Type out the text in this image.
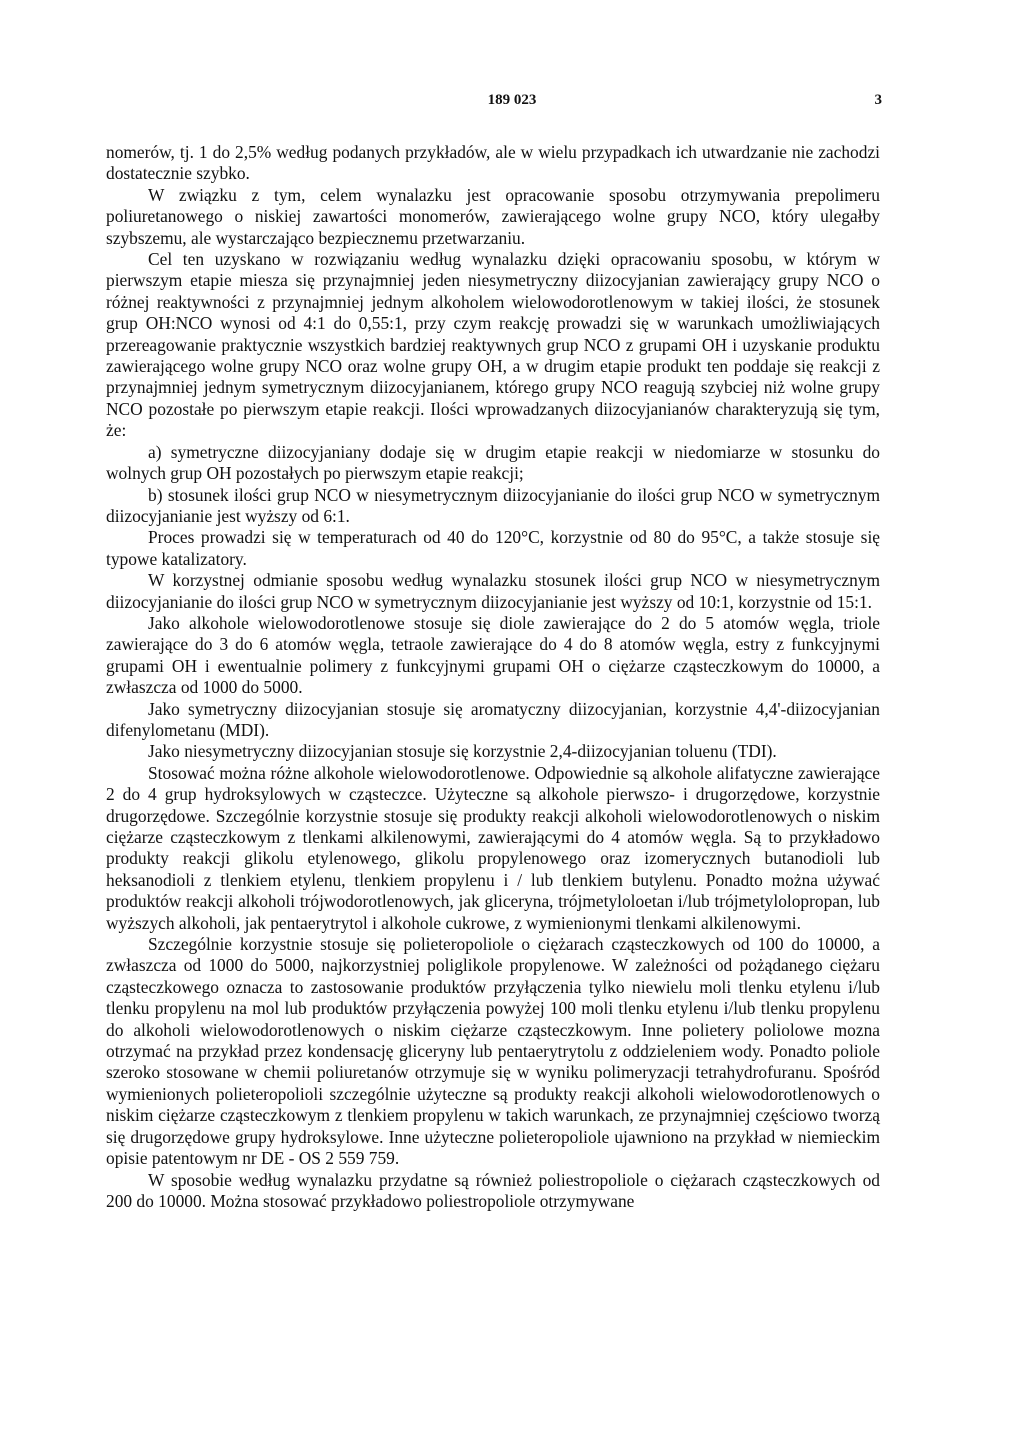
189 023	3

nomerów, tj. 1 do 2,5% według podanych przykładów, ale w wielu przypadkach ich utwardzanie nie zachodzi dostatecznie szybko.

W związku z tym, celem wynalazku jest opracowanie sposobu otrzymywania prepolimeru poliuretanowego o niskiej zawartości monomerów, zawierającego wolne grupy NCO, który ulegałby szybszemu, ale wystarczająco bezpiecznemu przetwarzaniu.

Cel ten uzyskano w rozwiązaniu według wynalazku dzięki opracowaniu sposobu, w którym w pierwszym etapie miesza się przynajmniej jeden niesymetryczny diizocyjanian zawierający grupy NCO o różnej reaktywności z przynajmniej jednym alkoholem wielowodorotlenowym w takiej ilości, że stosunek grup OH:NCO wynosi od 4:1 do 0,55:1, przy czym reakcję prowadzi się w warunkach umożliwiających przereagowanie praktycznie wszystkich bardziej reaktywnych grup NCO z grupami OH i uzyskanie produktu zawierającego wolne grupy NCO oraz wolne grupy OH, a w drugim etapie produkt ten poddaje się reakcji z przynajmniej jednym symetrycznym diizocyjanianem, którego grupy NCO reagują szybciej niż wolne grupy NCO pozostałe po pierwszym etapie reakcji. Ilości wprowadzanych diizocyjanianów charakteryzują się tym, że:

a) symetryczne diizocyjaniany dodaje się w drugim etapie reakcji w niedomiarze w stosunku do wolnych grup OH pozostałych po pierwszym etapie reakcji;

b) stosunek ilości grup NCO w niesymetrycznym diizocyjanianie do ilości grup NCO w symetrycznym diizocyjanianie jest wyższy od 6:1.

Proces prowadzi się w temperaturach od 40 do 120°C, korzystnie od 80 do 95°C, a także stosuje się typowe katalizatory.

W korzystnej odmianie sposobu według wynalazku stosunek ilości grup NCO w niesymetrycznym diizocyjanianie do ilości grup NCO w symetrycznym diizocyjanianie jest wyższy od 10:1, korzystnie od 15:1.

Jako alkohole wielowodorotlenowe stosuje się diole zawierające do 2 do 5 atomów węgla, triole zawierające do 3 do 6 atomów węgla, tetraole zawierające do 4 do 8 atomów węgla, estry z funkcyjnymi grupami OH i ewentualnie polimery z funkcyjnymi grupami OH o ciężarze cząsteczkowym do 10000, a zwłaszcza od 1000 do 5000.

Jako symetryczny diizocyjanian stosuje się aromatyczny diizocyjanian, korzystnie 4,4'-diizocyjanian difenylometanu (MDI).

Jako niesymetryczny diizocyjanian stosuje się korzystnie 2,4-diizocyjanian toluenu (TDI).

Stosować można różne alkohole wielowodorotlenowe. Odpowiednie są alkohole alifatyczne zawierające 2 do 4 grup hydroksylowych w cząsteczce. Użyteczne są alkohole pierwszo- i drugorzędowe, korzystnie drugorzędowe. Szczególnie korzystnie stosuje się produkty reakcji alkoholi wielowodorotlenowych o niskim ciężarze cząsteczkowym z tlenkami alkilenowymi, zawierającymi do 4 atomów węgla. Są to przykładowo produkty reakcji glikolu etylenowego, glikolu propylenowego oraz izomerycznych butanodioli lub heksanodioli z tlenkiem etylenu, tlenkiem propylenu i / lub tlenkiem butylenu. Ponadto można używać produktów reakcji alkoholi trójwodorotlenowych, jak gliceryna, trójmetyloloetan i/lub trójmetylolopropan, lub wyższych alkoholi, jak pentaerytrytol i alkohole cukrowe, z wymienionymi tlenkami alkilenowymi.

Szczególnie korzystnie stosuje się polieteropoliole o ciężarach cząsteczkowych od 100 do 10000, a zwłaszcza od 1000 do 5000, najkorzystniej poliglikole propylenowe. W zależności od pożądanego ciężaru cząsteczkowego oznacza to zastosowanie produktów przyłączenia tylko niewielu moli tlenku etylenu i/lub tlenku propylenu na mol lub produktów przyłączenia powyżej 100 moli tlenku etylenu i/lub tlenku propylenu do alkoholi wielowodorotlenowych o niskim ciężarze cząsteczkowym. Inne polietery poliolowe mozna otrzymać na przykład przez kondensację gliceryny lub pentaerytrytolu z oddzieleniem wody. Ponadto poliole szeroko stosowane w chemii poliuretanów otrzymuje się w wyniku polimeryzacji tetrahydrofuranu. Spośród wymienionych polieteropolioli szczególnie użyteczne są produkty reakcji alkoholi wielowodorotlenowych o niskim ciężarze cząsteczkowym z tlenkiem propylenu w takich warunkach, ze przynajmniej częściowo tworzą się drugorzędowe grupy hydroksylowe. Inne użyteczne polieteropoliole ujawniono na przykład w niemieckim opisie patentowym nr DE - OS 2 559 759.

W sposobie według wynalazku przydatne są również poliestropoliole o ciężarach cząsteczkowych od 200 do 10000. Można stosować przykładowo poliestropoliole otrzymywane
